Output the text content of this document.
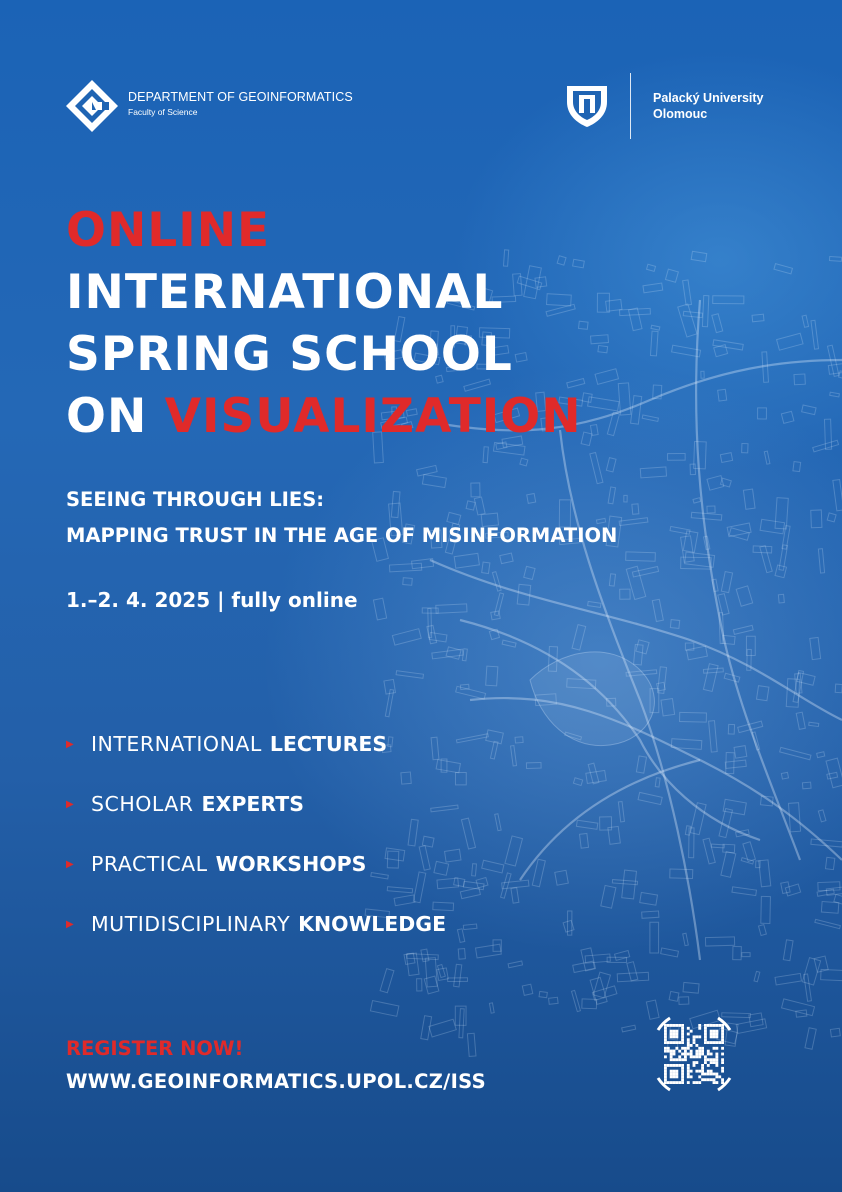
DEPARTMENT OF GEOINFORMATICS
Faculty of Science
Palacký University
Olomouc
ONLINE
INTERNATIONAL
SPRING SCHOOL
ON VISUALIZATION
SEEING THROUGH LIES:
MAPPING TRUST IN THE AGE OF MISINFORMATION
1.–2. 4. 2025 | fully online
▶ INTERNATIONAL LECTURES
▶ SCHOLAR EXPERTS
▶ PRACTICAL WORKSHOPS
▶ MUTIDISCIPLINARY KNOWLEDGE
REGISTER NOW!
WWW.GEOINFORMATICS.UPOL.CZ/ISS
